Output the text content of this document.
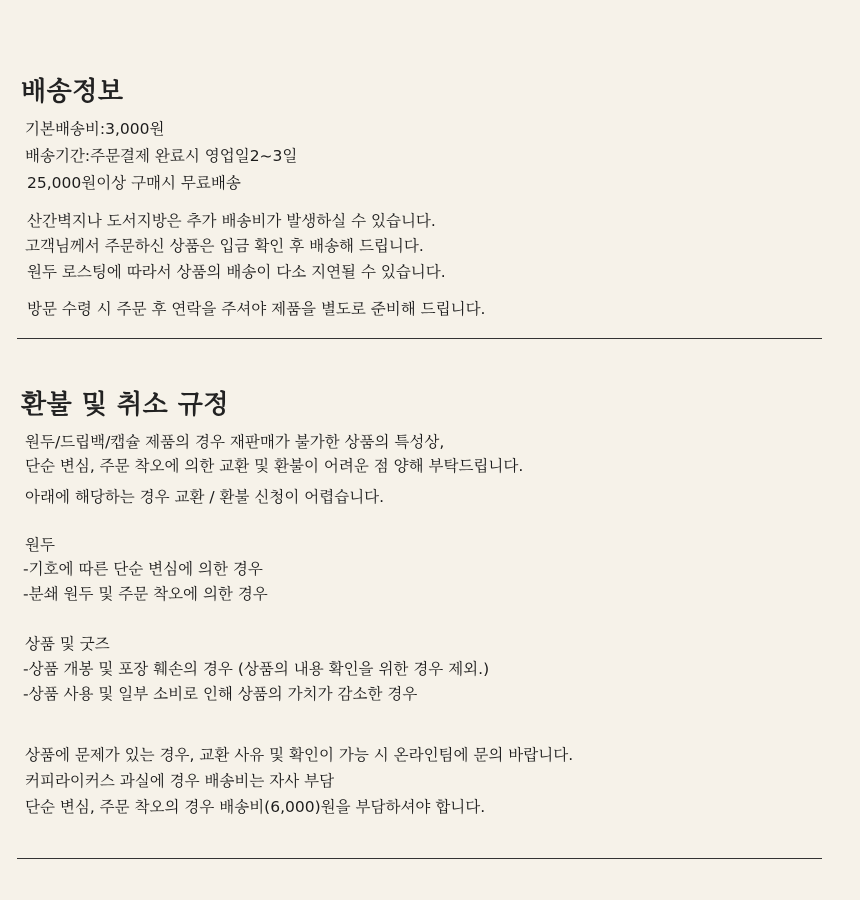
배송정보
기본배송비:3,000원
배송기간:주문결제 완료시 영업일2~3일
25,000원이상 구매시 무료배송
산간벽지나 도서지방은 추가 배송비가 발생하실 수 있습니다.
고객님께서 주문하신 상품은 입금 확인 후 배송해 드립니다.
원두 로스팅에 따라서 상품의 배송이 다소 지연될 수 있습니다.
방문 수령 시 주문 후 연락을 주셔야 제품을 별도로 준비해 드립니다.
환불 및 취소 규정
원두/드립백/캡슐 제품의 경우 재판매가 불가한 상품의 특성상,
단순 변심, 주문 착오에 의한 교환 및 환불이 어려운 점 양해 부탁드립니다.
아래에 해당하는 경우 교환 / 환불 신청이 어렵습니다.
원두
-기호에 따른 단순 변심에 의한 경우
-분쇄 원두 및 주문 착오에 의한 경우
상품 및 굿즈
-상품 개봉 및 포장 훼손의 경우 (상품의 내용 확인을 위한 경우 제외.)
-상품 사용 및 일부 소비로 인해 상품의 가치가 감소한 경우
상품에 문제가 있는 경우, 교환 사유 및 확인이 가능 시 온라인팀에 문의 바랍니다.
커피라이커스 과실에 경우 배송비는 자사 부담
단순 변심, 주문 착오의 경우 배송비(6,000)원을 부담하셔야 합니다.
